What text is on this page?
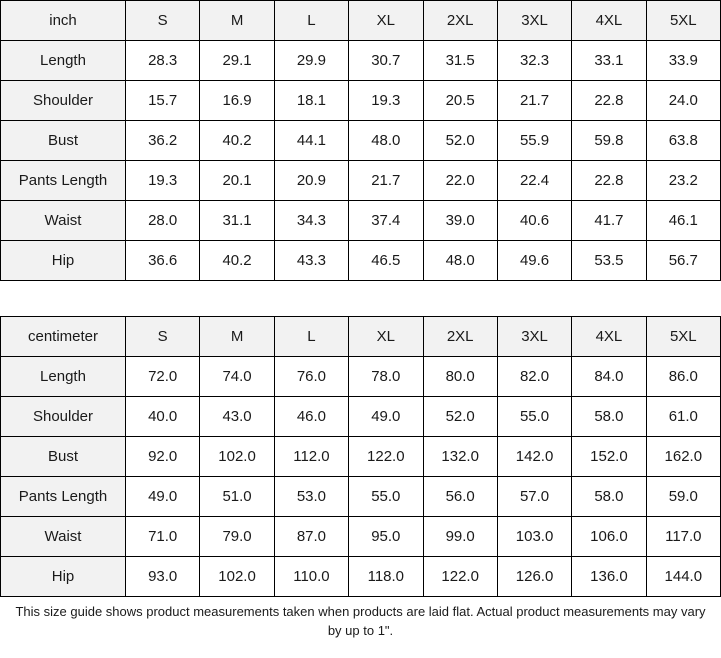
inch	S	M	L	XL	2XL	3XL	4XL	5XL
Length	28.3	29.1	29.9	30.7	31.5	32.3	33.1	33.9
Shoulder	15.7	16.9	18.1	19.3	20.5	21.7	22.8	24.0
Bust	36.2	40.2	44.1	48.0	52.0	55.9	59.8	63.8
Pants Length	19.3	20.1	20.9	21.7	22.0	22.4	22.8	23.2
Waist	28.0	31.1	34.3	37.4	39.0	40.6	41.7	46.1
Hip	36.6	40.2	43.3	46.5	48.0	49.6	53.5	56.7

centimeter	S	M	L	XL	2XL	3XL	4XL	5XL
Length	72.0	74.0	76.0	78.0	80.0	82.0	84.0	86.0
Shoulder	40.0	43.0	46.0	49.0	52.0	55.0	58.0	61.0
Bust	92.0	102.0	112.0	122.0	132.0	142.0	152.0	162.0
Pants Length	49.0	51.0	53.0	55.0	56.0	57.0	58.0	59.0
Waist	71.0	79.0	87.0	95.0	99.0	103.0	106.0	117.0
Hip	93.0	102.0	110.0	118.0	122.0	126.0	136.0	144.0
This size guide shows product measurements taken when products are laid flat. Actual product measurements may vary by up to 1".
